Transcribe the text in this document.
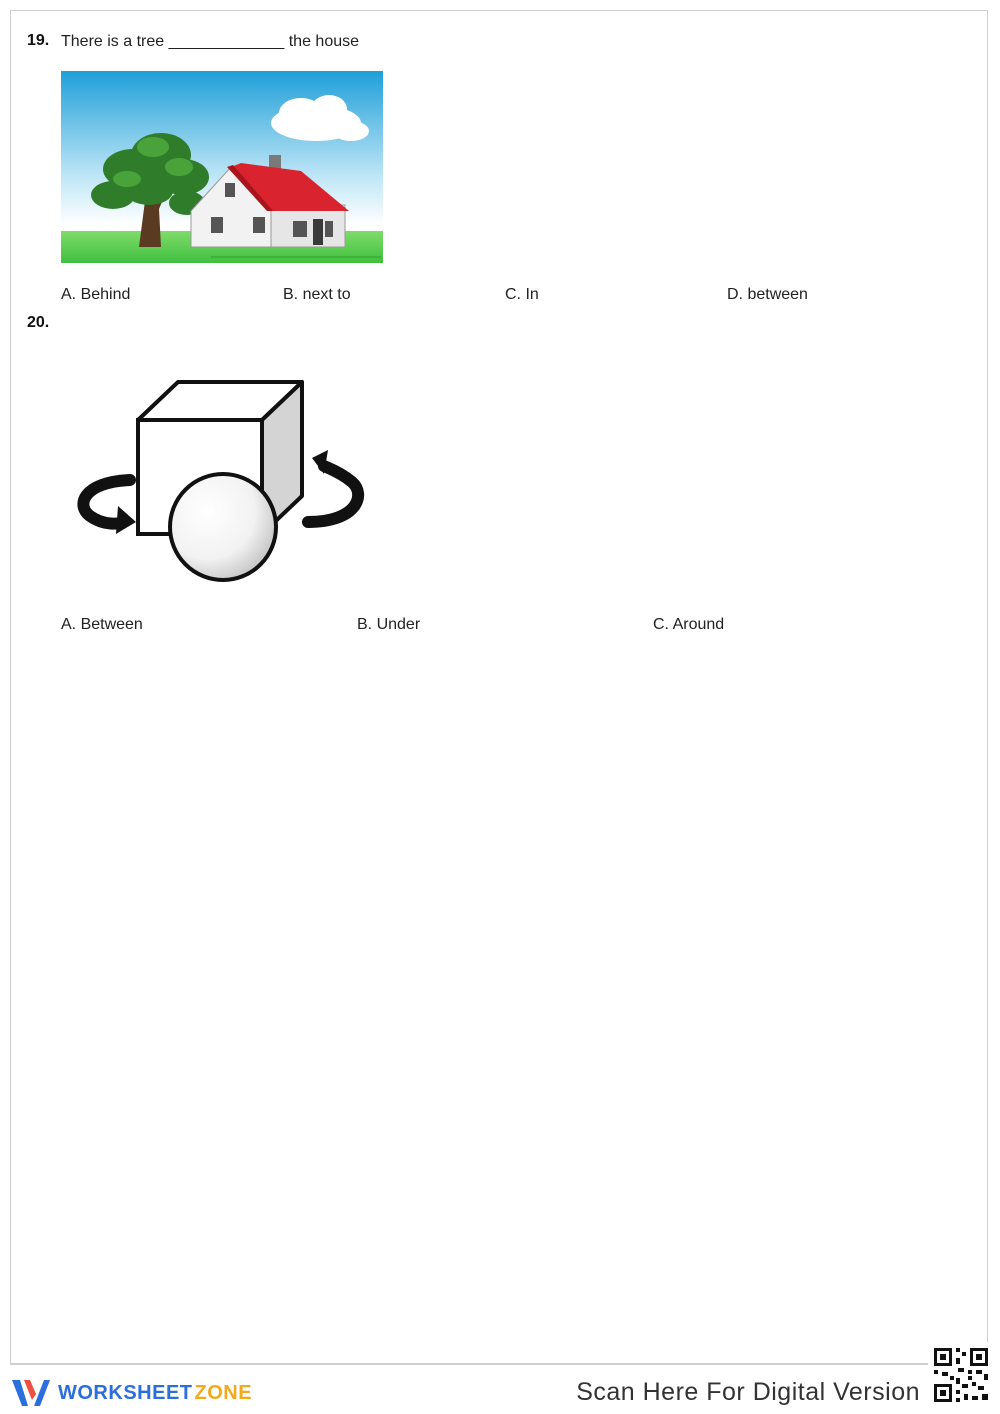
19. There is a tree _____________ the house
A. Behind	B. next to	C. In	D. between
20.
A. Between	B. Under	C. Around
WORKSHEET ZONE	Scan Here For Digital Version
